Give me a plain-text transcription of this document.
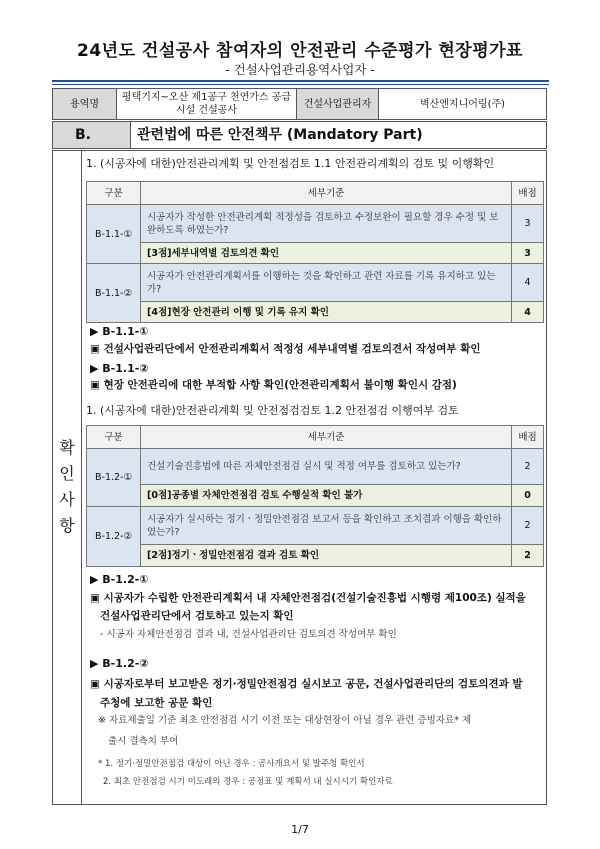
24년도 건설공사 참여자의 안전관리 수준평가 현장평가표
- 건설사업관리용역사업자 -
용역명	평택기지~오산 제1공구 천연가스 공급시설 건설공사	건설사업관리자	벽산엔지니어링(주)
B.	관련법에 따른 안전책무 (Mandatory Part)
확
인
사
항
1. (시공자에 대한)안전관리계획 및 안전점검토 1.1 안전관리계획의 검토 및 이행확인
구분	세부기준	배점
B-1.1-①	시공자가 작성한 안전관리계획 적정성을 검토하고 수정보완이 필요할 경우 수정 및 보완하도록 하였는가?	3
	[3점]세부내역별 검토의견 확인	3
B-1.1-②	시공자가 안전관리계획서를 이행하는 것을 확인하고 관련 자료를 기록 유지하고 있는가?	4
	[4점]현장 안전관리 이행 및 기록 유지 확인	4
▶ B-1.1-①
▣ 건설사업관리단에서 안전관리계획서 적정성 세부내역별 검토의견서 작성여부 확인
▶ B-1.1-②
▣ 현장 안전관리에 대한 부적합 사항 확인(안전관리계획서 불이행 확인시 감점)
1. (시공자에 대한)안전관리계획 및 안전점검검토 1.2 안전점검 이행여부 검토
구분	세부기준	배점
B-1.2-①	건설기술진흥법에 따른 자체안전점검 실시 및 적정 여부를 검토하고 있는가?	2
	[0점]공종별 자체안전점검 검토 수행실적 확인 불가	0
B-1.2-②	시공자가 실시하는 정기ㆍ정밀안전점검 보고서 등을 확인하고 조치결과 이행을 확인하였는가?	2
	[2점]정기ㆍ정밀안전점검 결과 검토 확인	2
▶ B-1.2-①
▣ 시공자가 수립한 안전관리계획서 내 자체안전점검(건설기술진흥법 시행령 제100조) 실적을
건설사업관리단에서 검토하고 있는지 확인
- 시공자 자체안전점검 결과 내, 건설사업관리단 검토의견 작성여부 확인
▶ B-1.2-②
▣ 시공자로부터 보고받은 정기·정밀안전점검 실시보고 공문, 건설사업관리단의 검토의견과 발
주청에 보고한 공문 확인
※ 자료제출일 기준 최초 안전점검 시기 이전 또는 대상현장이 아닐 경우 관련 증빙자료* 제
출시 결측치 부여
* 1. 정기·정밀안전점검 대상이 아닌 경우 : 공사개요서 및 발주청 확인서
2. 최초 안전점검 시기 미도래의 경우 : 공정표 및 계획서 내 실시시기 확인자료
1/7
